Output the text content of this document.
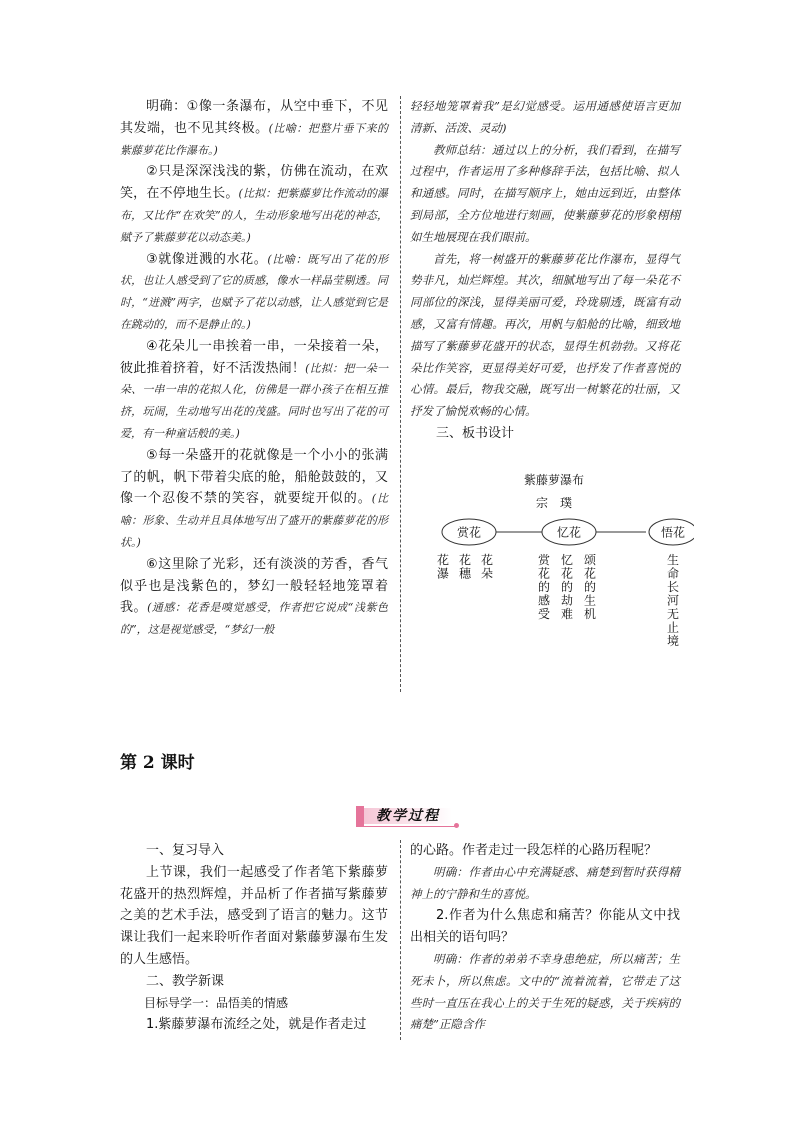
明确：①像一条瀑布，从空中垂下，不见其发端，也不见其终极。(比喻：把整片垂下来的紫藤萝花比作瀑布。)

②只是深深浅浅的紫，仿佛在流动，在欢笑，在不停地生长。(比拟：把紫藤萝比作流动的瀑布，又比作“在欢笑”的人，生动形象地写出花的神态，赋予了紫藤萝花以动态美。)

③就像迸溅的水花。(比喻：既写出了花的形状，也让人感受到了它的质感，像水一样晶莹剔透。同时，“迸溅”两字，也赋予了花以动感，让人感觉到它是在跳动的，而不是静止的。)

④花朵儿一串挨着一串，一朵接着一朵，彼此推着挤着，好不活泼热闹！(比拟：把一朵一朵、一串一串的花拟人化，仿佛是一群小孩子在相互推挤，玩闹，生动地写出花的茂盛。同时也写出了花的可爱，有一种童话般的美。)

⑤每一朵盛开的花就像是一个小小的张满了的帆，帆下带着尖底的舱，船舱鼓鼓的，又像一个忍俊不禁的笑容，就要绽开似的。(比喻：形象、生动并且具体地写出了盛开的紫藤萝花的形状。)

⑥这里除了光彩，还有淡淡的芳香，香气似乎也是浅紫色的，梦幻一般轻轻地笼罩着我。(通感：花香是嗅觉感受，作者把它说成“浅紫色的”，这是视觉感受，“梦幻一般

轻轻地笼罩着我”是幻觉感受。运用通感使语言更加清新、活泼、灵动)

教师总结：通过以上的分析，我们看到，在描写过程中，作者运用了多种修辞手法，包括比喻、拟人和通感。同时，在描写顺序上，她由远到近，由整体到局部，全方位地进行刻画，使紫藤萝花的形象栩栩如生地展现在我们眼前。

首先，将一树盛开的紫藤萝花比作瀑布，显得气势非凡，灿烂辉煌。其次，细腻地写出了每一朵花不同部位的深浅，显得美丽可爱，玲珑剔透，既富有动感，又富有情趣。再次，用帆与船舱的比喻，细致地描写了紫藤萝花盛开的状态，显得生机勃勃。又将花朵比作笑容，更显得美好可爱，也抒发了作者喜悦的心情。最后，物我交融，既写出一树繁花的壮丽，又抒发了愉悦欢畅的心情。

三、板书设计

紫藤萝瀑布
宗　璞
赏花	忆花	悟花
花瀑
花穗
花朵
赏花的感受
忆花的劫难
颂花的生机
生命长河无止境
第 2 课时
教学过程

一、复习导入

上节课，我们一起感受了作者笔下紫藤萝花盛开的热烈辉煌，并品析了作者描写紫藤萝之美的艺术手法，感受到了语言的魅力。这节课让我们一起来聆听作者面对紫藤萝瀑布生发的人生感悟。

二、教学新课

目标导学一：品悟美的情感

1.紫藤萝瀑布流经之处，就是作者走过

的心路。作者走过一段怎样的心路历程呢？

明确：作者由心中充满疑惑、痛楚到暂时获得精神上的宁静和生的喜悦。

2.作者为什么焦虑和痛苦？你能从文中找出相关的语句吗？

明确：作者的弟弟不幸身患绝症，所以痛苦；生死未卜，所以焦虑。文中的“流着流着，它带走了这些时一直压在我心上的关于生死的疑惑，关于疾病的痛楚”正隐含作
